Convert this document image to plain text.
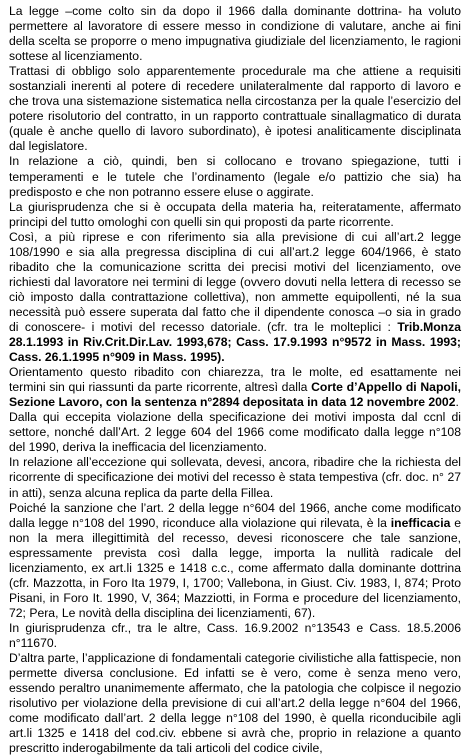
La legge –come colto sin da dopo il 1966 dalla dominante dottrina- ha voluto permettere al lavoratore di essere messo in condizione di valutare, anche ai fini della scelta se proporre o meno impugnativa giudiziale del licenziamento, le ragioni sottese al licenziamento.

Trattasi di obbligo solo apparentemente procedurale ma che attiene a requisiti sostanziali inerenti al potere di recedere unilateralmente dal rapporto di lavoro e che trova una sistemazione sistematica nella circostanza per la quale l’esercizio del potere risolutorio del contratto, in un rapporto contrattuale sinallagmatico di durata (quale è anche quello di lavoro subordinato), è ipotesi analiticamente disciplinata dal legislatore.

In relazione a ciò, quindi, ben si collocano e trovano spiegazione, tutti i temperamenti e le tutele che l’ordinamento (legale e/o pattizio che sia) ha predisposto e che non potranno essere eluse o aggirate.

La giurisprudenza che si è occupata della materia ha, reiteratamente, affermato principi del tutto omologhi con quelli sin qui proposti da parte ricorrente.

Così, a più riprese e con riferimento sia alla previsione di cui all’art.2 legge 108/1990 e sia alla pregressa disciplina di cui all’art.2 legge 604/1966, è stato ribadito che la comunicazione scritta dei precisi motivi del licenziamento, ove richiesti dal lavoratore nei termini di legge (ovvero dovuti nella lettera di recesso se ciò imposto dalla contrattazione collettiva), non ammette equipollenti, né la sua necessità può essere superata dal fatto che il dipendente conosca –o sia in grado di conoscere- i motivi del recesso datoriale. (cfr. tra le molteplici : Trib.Monza 28.1.1993 in Riv.Crit.Dir.Lav. 1993,678; Cass. 17.9.1993 n°9572 in Mass. 1993; Cass. 26.1.1995 n°909 in Mass. 1995).

Orientamento questo ribadito con chiarezza, tra le molte, ed esattamente nei termini sin qui riassunti da parte ricorrente, altresì dalla Corte d’Appello di Napoli, Sezione Lavoro, con la sentenza n°2894 depositata in data 12 novembre 2002.

Dalla qui eccepita violazione della specificazione dei motivi imposta dal ccnl di settore, nonché dall’Art. 2 legge 604 del 1966 come modificato dalla legge n°108 del 1990, deriva la inefficacia del licenziamento.

In relazione all’eccezione qui sollevata, devesi, ancora, ribadire che la richiesta del ricorrente di specificazione dei motivi del recesso è stata tempestiva (cfr. doc. n° 27 in atti), senza alcuna replica da parte della Fillea.

Poiché la sanzione che l’art. 2 della legge n°604 del 1966, anche come modificato dalla legge n°108 del 1990, riconduce alla violazione qui rilevata, è la inefficacia e non la mera illegittimità del recesso, devesi riconoscere che tale sanzione, espressamente prevista così dalla legge, importa la nullità radicale del licenziamento, ex art.li 1325 e 1418 c.c., come affermato dalla dominante dottrina (cfr. Mazzotta, in Foro Ita 1979, I, 1700; Vallebona, in Giust. Civ. 1983, I, 874; Proto Pisani, in Foro It. 1990, V, 364; Mazziotti, in Forma e procedure del licenziamento, 72; Pera, Le novità della disciplina dei licenziamenti, 67).

In giurisprudenza cfr., tra le altre, Cass. 16.9.2002 n°13543 e Cass. 18.5.2006 n°11670.

D’altra parte, l’applicazione di fondamentali categorie civilistiche alla fattispecie, non permette diversa conclusione. Ed infatti se è vero, come è senza meno vero, essendo peraltro unanimemente affermato, che la patologia che colpisce il negozio risolutivo per violazione della previsione di cui all’art.2 della legge n°604 del 1966, come modificato dall’art. 2 della legge n°108 del 1990, è quella riconducibile agli art.li 1325 e 1418 del cod.civ. ebbene si avrà che, proprio in relazione a quanto prescritto inderogabilmente da tali articoli del codice civile,
